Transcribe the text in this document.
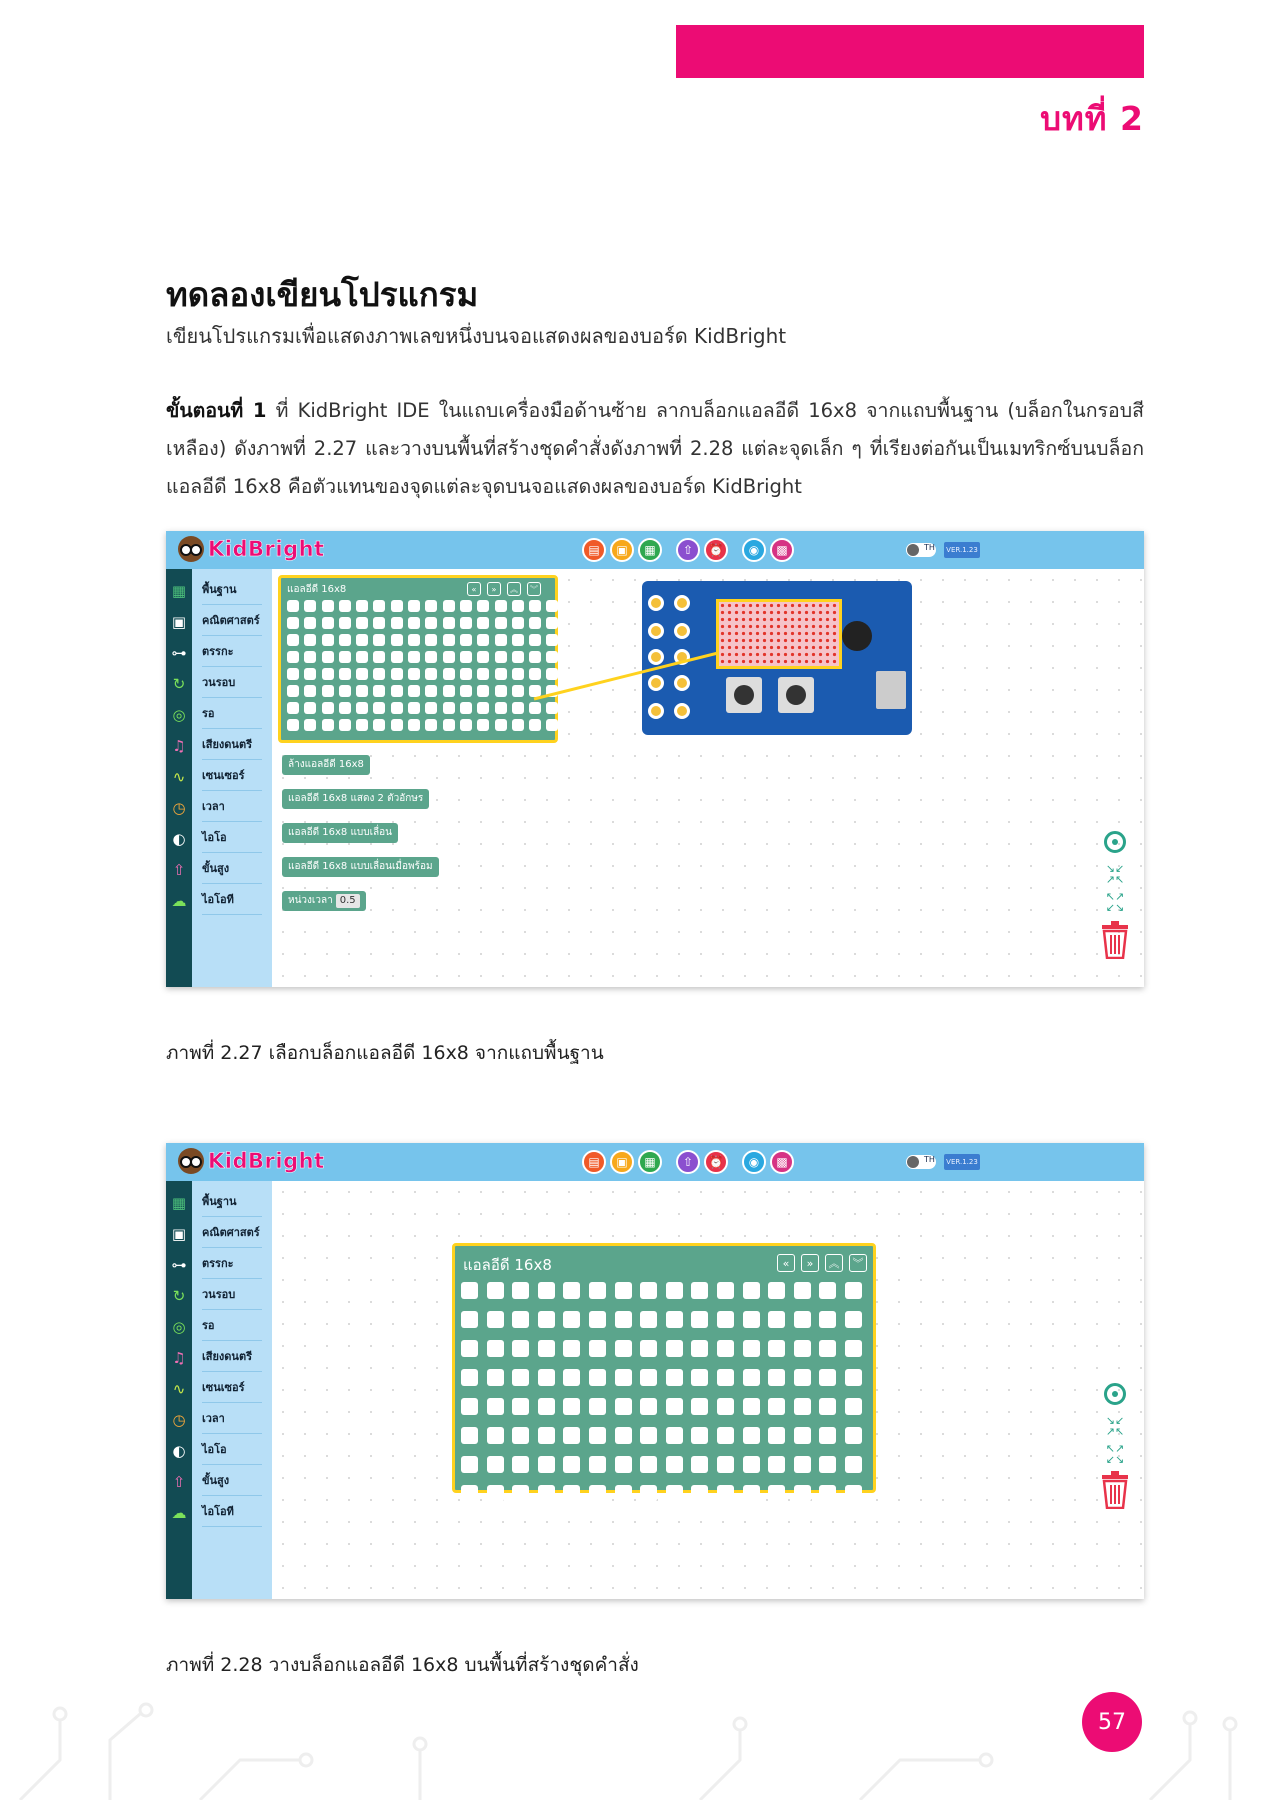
บทที่ 2
ทดลองเขียนโปรแกรม
เขียนโปรแกรมเพื่อแสดงภาพเลขหนึ่งบนจอแสดงผลของบอร์ด KidBright
ขั้นตอนที่ 1 ที่ KidBright IDE ในแถบเครื่องมือด้านซ้าย ลากบล็อกแอลอีดี 16x8 จากแถบพื้นฐาน (บล็อกในกรอบสีเหลือง) ดังภาพที่ 2.27 และวางบนพื้นที่สร้างชุดคำสั่งดังภาพที่ 2.28 แต่ละจุดเล็ก ๆ ที่เรียงต่อกันเป็นเมทริกซ์บนบล็อกแอลอีดี 16x8 คือตัวแทนของจุดแต่ละจุดบนจอแสดงผลของบอร์ด KidBright
KidBright	▤	▣	▦	⇧	⏰	◉	▩	TH	VER.1.23
▦	พื้นฐาน
▣	คณิตศาสตร์
⊶	ตรรกะ
↻	วนรอบ
◎	รอ
♫	เสียงดนตรี
∿	เซนเซอร์
◷	เวลา
◐	ไอโอ
⇧	ขั้นสูง
☁	ไอโอที
แอลอีดี 16x8	«	»	︽	︾
ล้างแอลอีดี 16x8
แอลอีดี 16x8 แสดง 2 ตัวอักษร
แอลอีดี 16x8 แบบเลื่อน
แอลอีดี 16x8 แบบเลื่อนเมื่อพร้อม
หน่วงเวลา 0.5
↘↙
↗↖
↖↗
↙↘
ภาพที่ 2.27 เลือกบล็อกแอลอีดี 16x8 จากแถบพื้นฐาน
KidBright	▤	▣	▦	⇧	⏰	◉	▩	TH	VER.1.23
▦	พื้นฐาน
▣	คณิตศาสตร์
⊶	ตรรกะ
↻	วนรอบ
◎	รอ
♫	เสียงดนตรี
∿	เซนเซอร์
◷	เวลา
◐	ไอโอ
⇧	ขั้นสูง
☁	ไอโอที
แอลอีดี 16x8	«	»	︽	︾
↘↙
↗↖
↖↗
↙↘
ภาพที่ 2.28 วางบล็อกแอลอีดี 16x8 บนพื้นที่สร้างชุดคำสั่ง
57
